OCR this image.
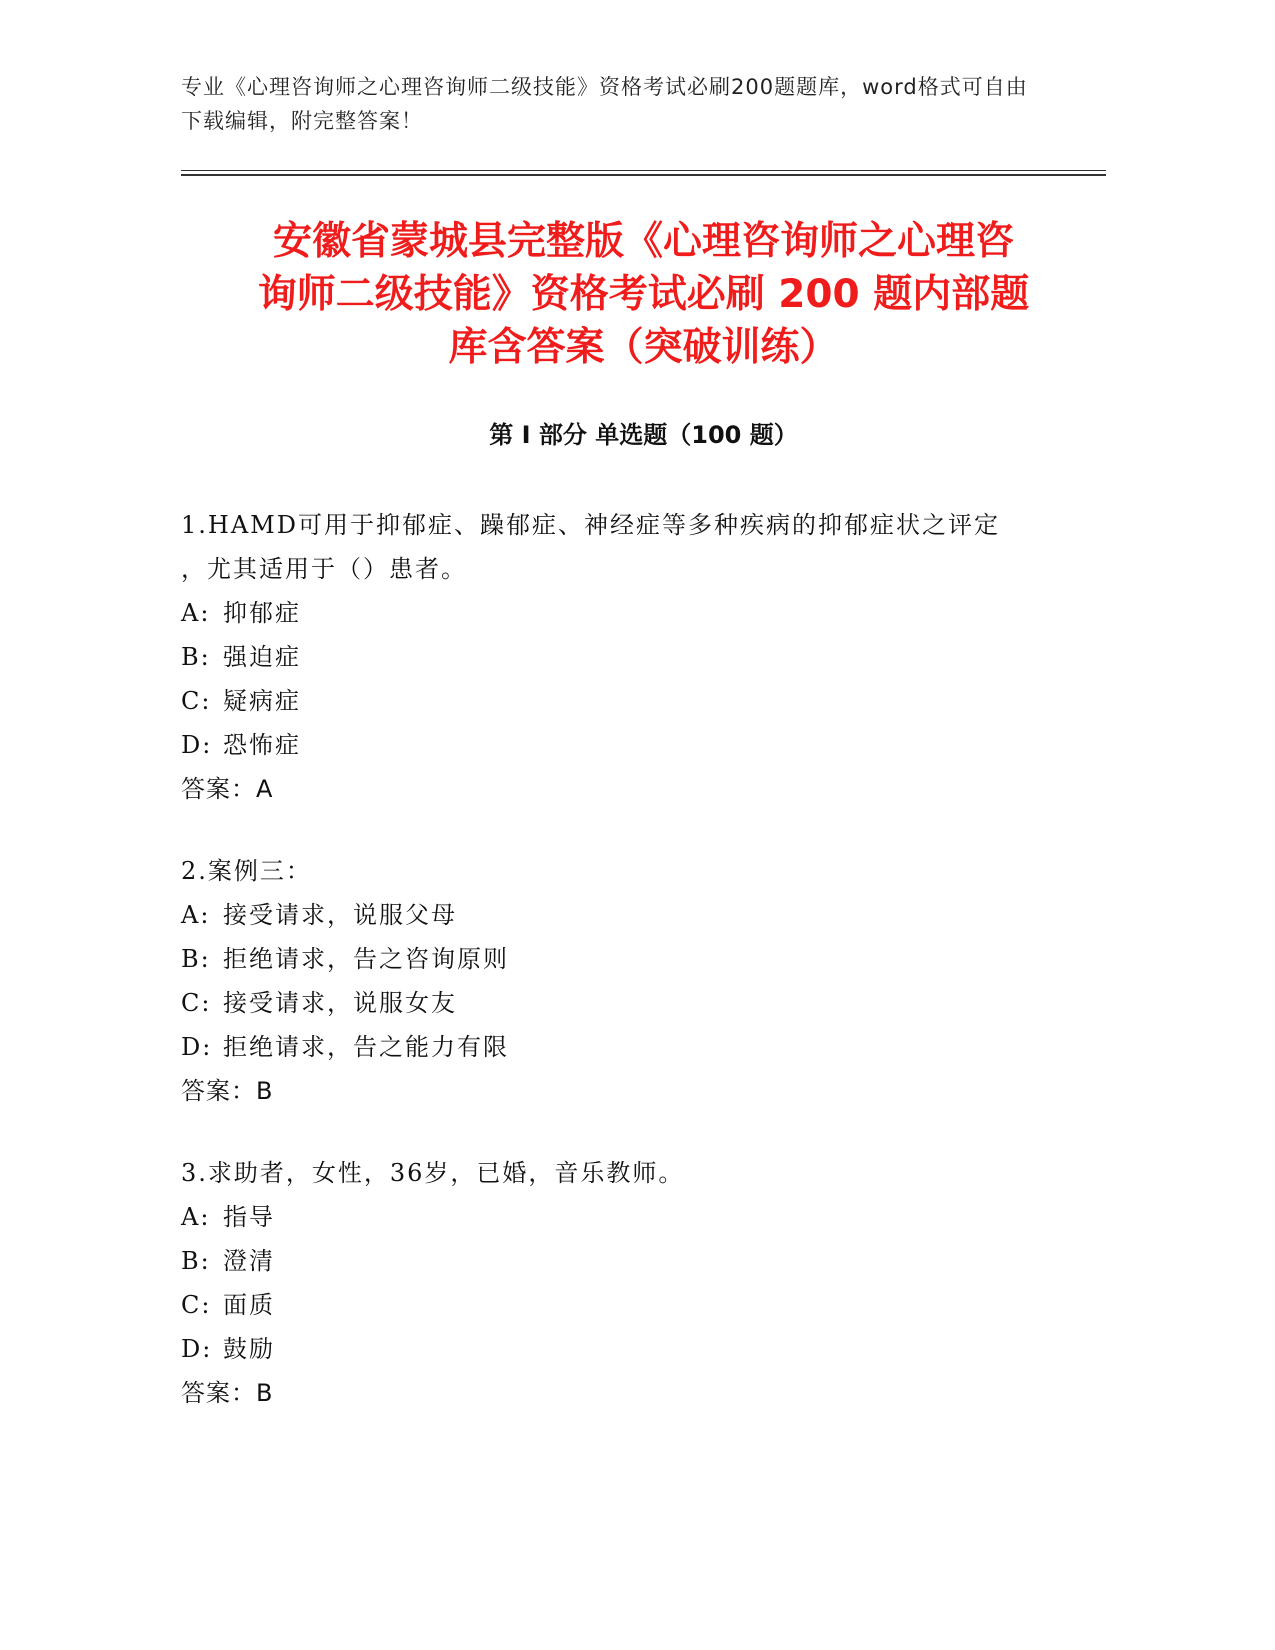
专业《心理咨询师之心理咨询师二级技能》资格考试必刷200题题库，word格式可自由下载编辑，附完整答案！
安徽省蒙城县完整版《心理咨询师之心理咨
询师二级技能》资格考试必刷 200 题内部题
库含答案（突破训练）
第 I 部分 单选题（100 题）
1.HAMD可用于抑郁症、躁郁症、神经症等多种疾病的抑郁症状之评定
，尤其适用于（）患者。
A: 抑郁症
B: 强迫症
C: 疑病症
D: 恐怖症
答案：A
2.案例三：
A: 接受请求，说服父母
B: 拒绝请求，告之咨询原则
C: 接受请求，说服女友
D: 拒绝请求，告之能力有限
答案：B
3.求助者，女性，36岁，已婚，音乐教师。
A: 指导
B: 澄清
C: 面质
D: 鼓励
答案：B
